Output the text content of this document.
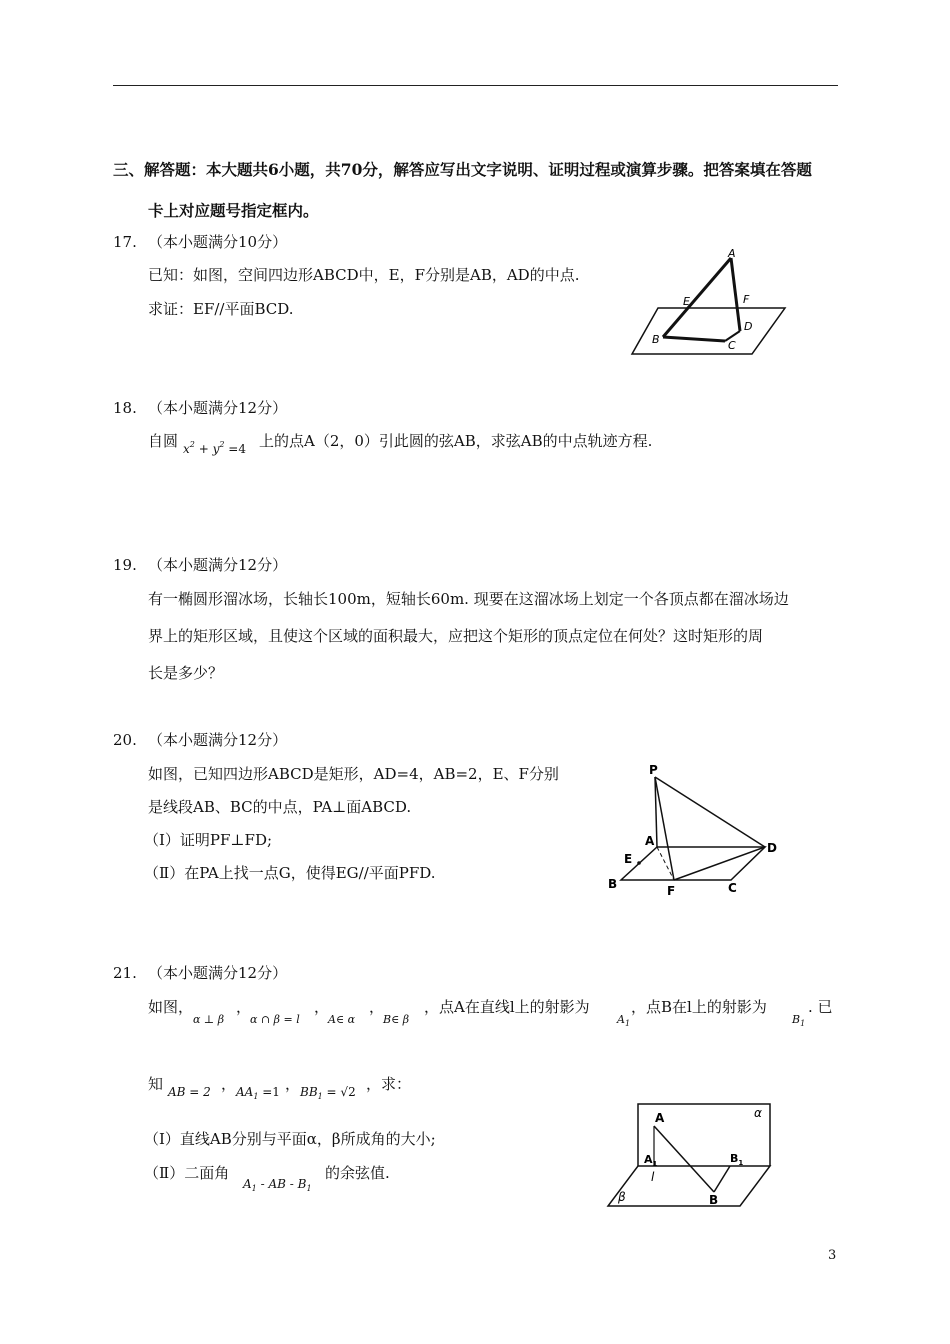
三、解答题：本大题共6小题，共70分，解答应写出文字说明、证明过程或演算步骤。把答案填在答题
卡上对应题号指定框内。
17. （本小题满分10分）
已知：如图，空间四边形ABCD中，E，F分别是AB，AD的中点.
求证：EF//平面BCD.
A
E	F
D
B	C
18. （本小题满分12分）
自圆 $x^2 + y^2 =4$ 上的点A（2，0）引此圆的弦AB，求弦AB的中点轨迹方程.
19. （本小题满分12分）
有一椭圆形溜冰场，长轴长100m，短轴长60m. 现要在这溜冰场上划定一个各顶点都在溜冰场边
界上的矩形区域，且使这个区域的面积最大，应把这个矩形的顶点定位在何处？这时矩形的周
长是多少？
20. （本小题满分12分）
如图，已知四边形ABCD是矩形，AD=4，AB=2，E、F分别
是线段AB、BC的中点，PA⊥面ABCD.
（Ⅰ）证明PF⊥FD;
（Ⅱ）在PA上找一点G，使得EG//平面PFD.
P
A
E
D
B	F	C
21. （本小题满分12分）
如图，
α ⊥ β
，
α ∩ β = l
，
A∈ α
，
B∈ β
，点A在直线l上的射影为
$A_1$
，点B在l上的射影为
$B_1$
. 已
知 AB = 2 ， $AA_1 =1$ ， $BB_1 = √2$ ，求：
（Ⅰ）直线AB分别与平面α，β所成角的大小;
（Ⅱ）二面角
$A_1$ - AB - $B_1$
的余弦值.
A	α
$A_1$
l
$B_1$
B
β
3
